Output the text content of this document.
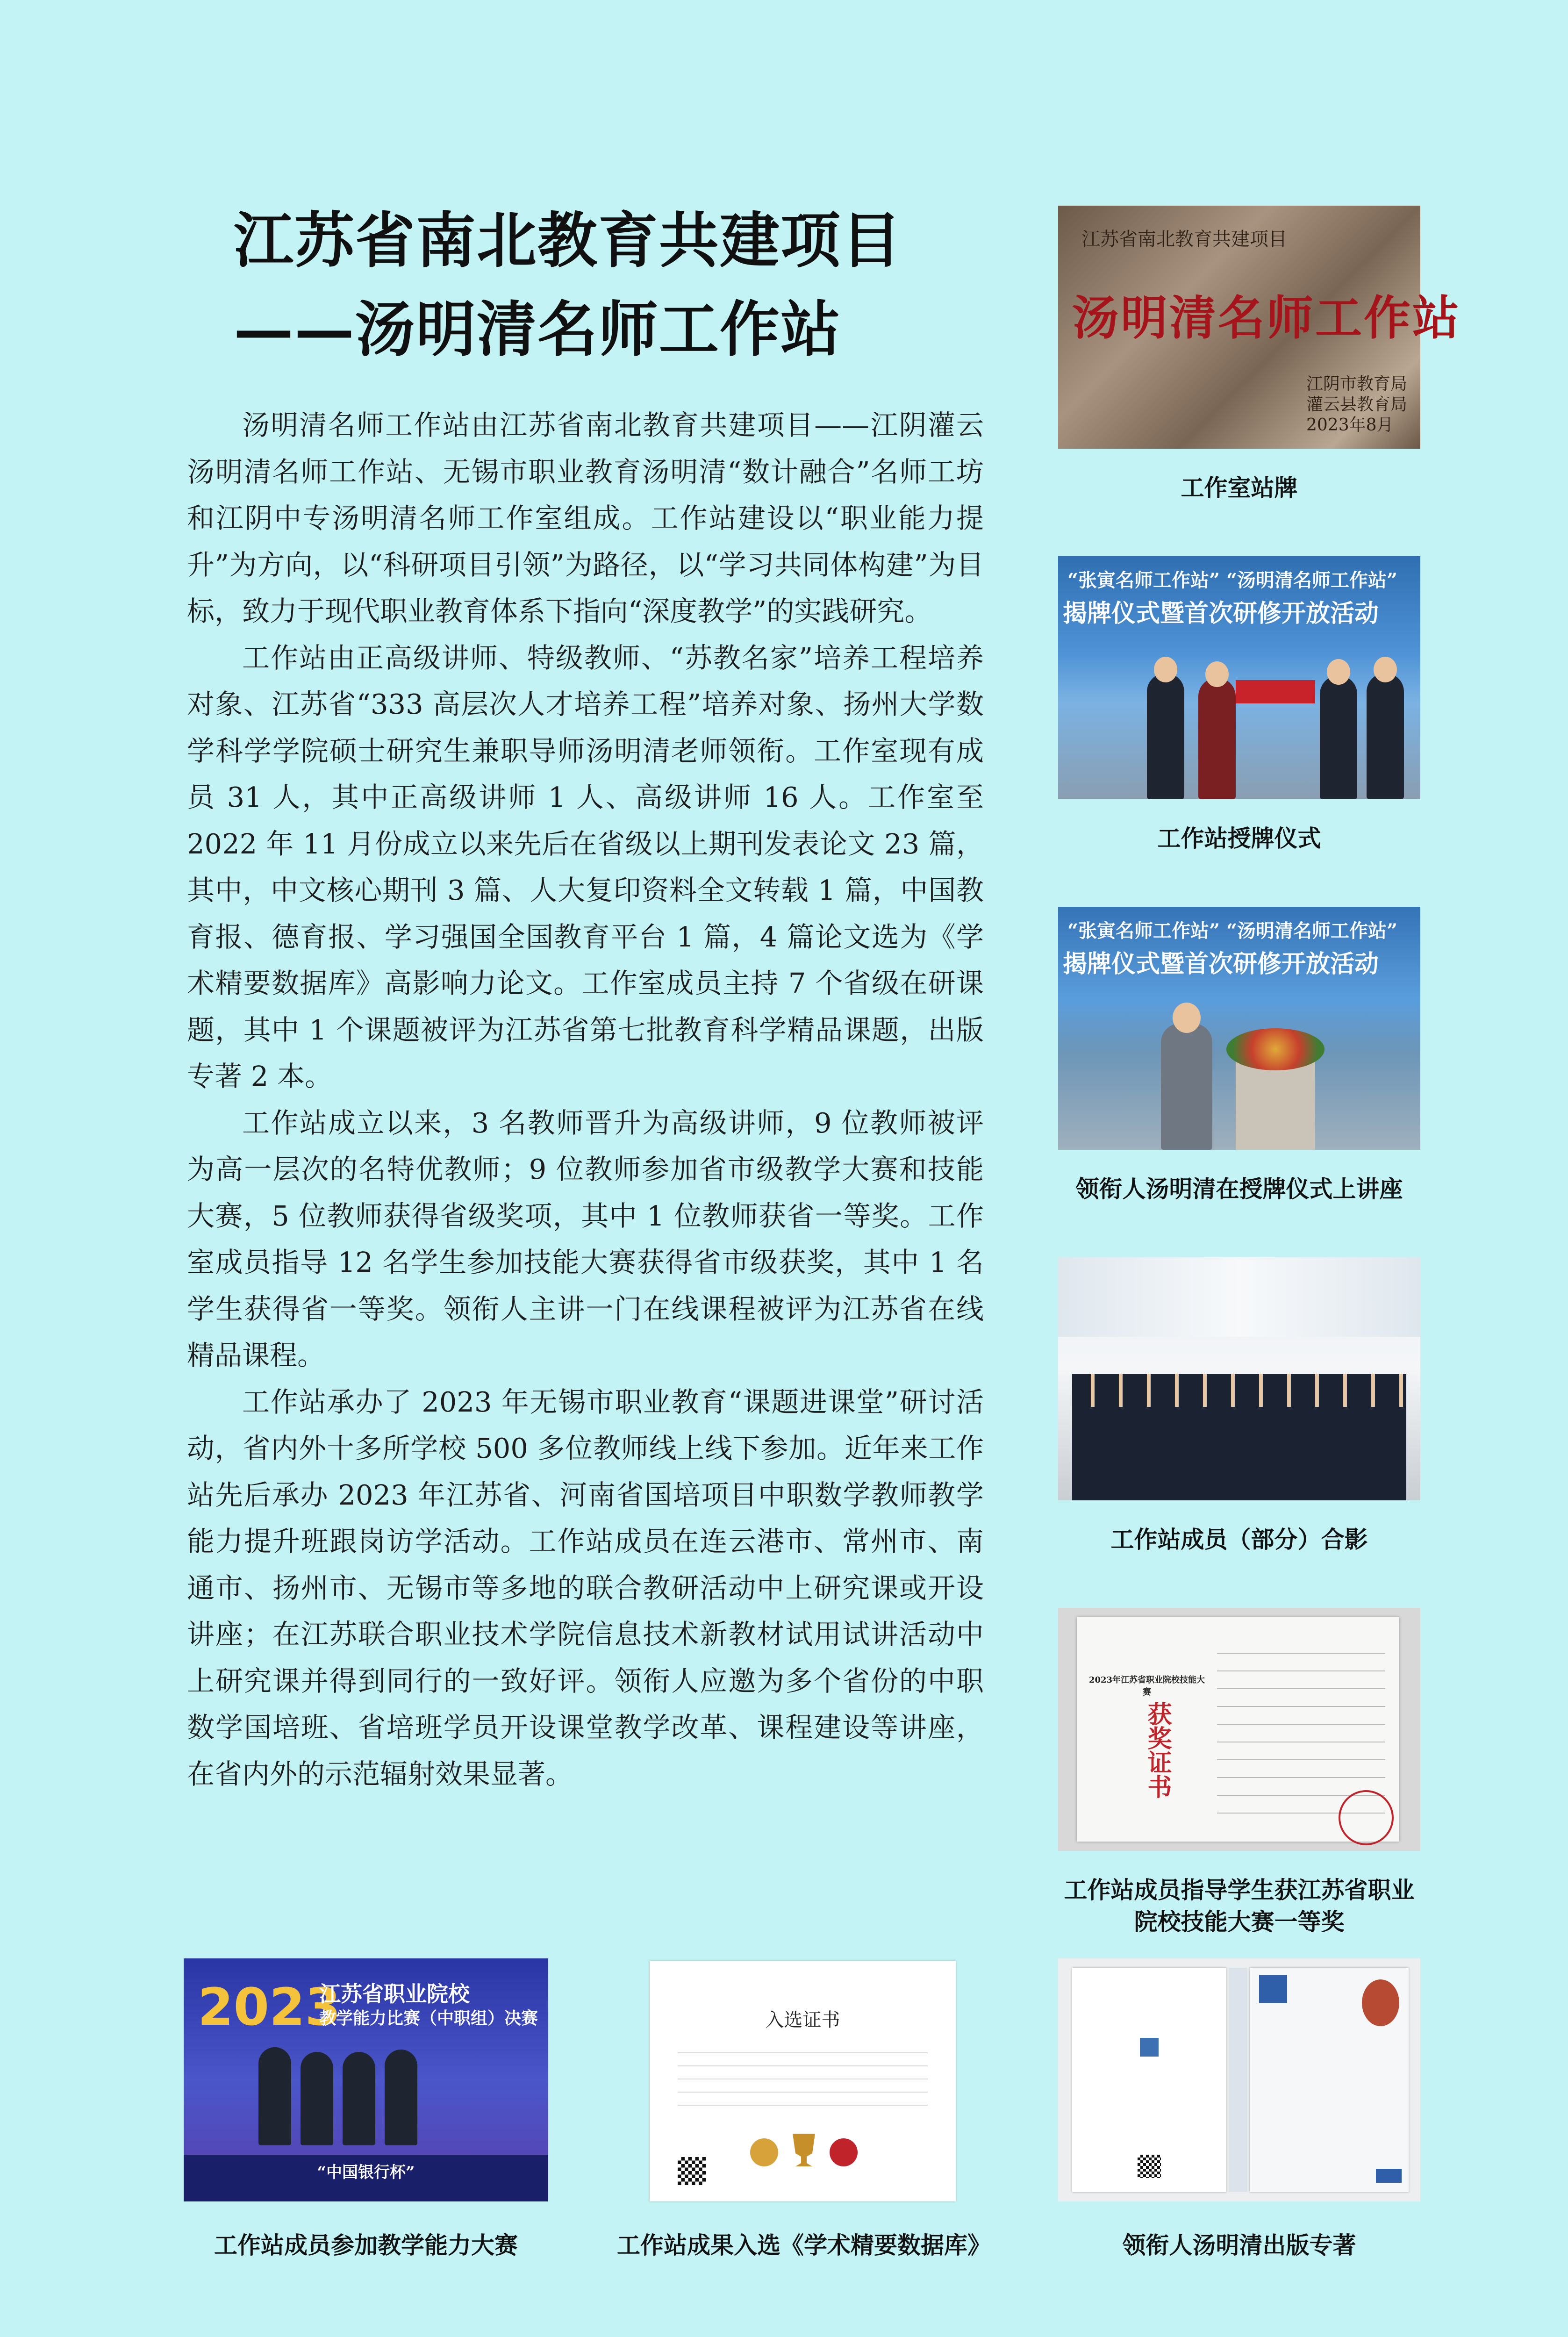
江苏省南北教育共建项目
——汤明清名师工作站

汤明清名师工作站由江苏省南北教育共建项目——江阴灌云汤明清名师工作站、无锡市职业教育汤明清“数计融合”名师工坊和江阴中专汤明清名师工作室组成。工作站建设以“职业能力提升”为方向，以“科研项目引领”为路径，以“学习共同体构建”为目标，致力于现代职业教育体系下指向“深度教学”的实践研究。

工作站由正高级讲师、特级教师、“苏教名家”培养工程培养对象、江苏省“333 高层次人才培养工程”培养对象、扬州大学数学科学学院硕士研究生兼职导师汤明清老师领衔。工作室现有成员 31 人，其中正高级讲师 1 人、高级讲师 16 人。工作室至 2022 年 11 月份成立以来先后在省级以上期刊发表论文 23 篇，其中，中文核心期刊 3 篇、人大复印资料全文转载 1 篇，中国教育报、德育报、学习强国全国教育平台 1 篇，4 篇论文选为《学术精要数据库》高影响力论文。工作室成员主持 7 个省级在研课题，其中 1 个课题被评为江苏省第七批教育科学精品课题，出版专著 2 本。

工作站成立以来，3 名教师晋升为高级讲师，9 位教师被评为高一层次的名特优教师；9 位教师参加省市级教学大赛和技能大赛，5 位教师获得省级奖项，其中 1 位教师获省一等奖。工作室成员指导 12 名学生参加技能大赛获得省市级获奖，其中 1 名学生获得省一等奖。领衔人主讲一门在线课程被评为江苏省在线精品课程。

工作站承办了 2023 年无锡市职业教育“课题进课堂”研讨活动，省内外十多所学校 500 多位教师线上线下参加。近年来工作站先后承办 2023 年江苏省、河南省国培项目中职数学教师教学能力提升班跟岗访学活动。工作站成员在连云港市、常州市、南通市、扬州市、无锡市等多地的联合教研活动中上研究课或开设讲座；在江苏联合职业技术学院信息技术新教材试用试讲活动中上研究课并得到同行的一致好评。领衔人应邀为多个省份的中职数学国培班、省培班学员开设课堂教学改革、课程建设等讲座，在省内外的示范辐射效果显著。

江苏省南北教育共建项目
汤明清名师工作站
江阴市教育局
灌云县教育局
2023年8月
工作室站牌
“张寅名师工作站” “汤明清名师工作站”
揭牌仪式暨首次研修开放活动
工作站授牌仪式
“张寅名师工作站” “汤明清名师工作站”
揭牌仪式暨首次研修开放活动
领衔人汤明清在授牌仪式上讲座
工作站成员（部分）合影
2023年江苏省职业院校技能大赛
获奖证书
工作站成员指导学生获江苏省职业院校技能大赛一等奖
2023
江苏省职业院校
教学能力比赛（中职组）决赛
“中国银行杯”
工作站成员参加教学能力大赛
入选证书
工作站成果入选《学术精要数据库》	领衔人汤明清出版专著
